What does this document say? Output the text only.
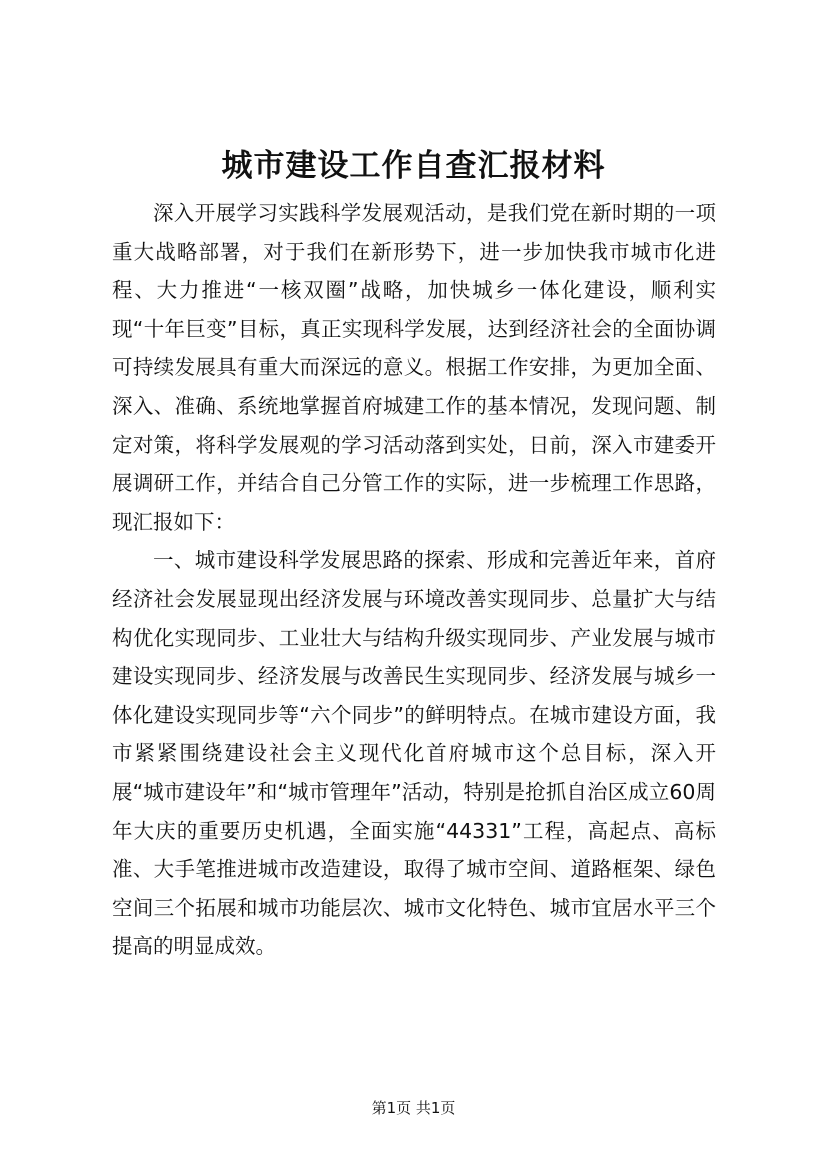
城市建设工作自查汇报材料

深入开展学习实践科学发展观活动，是我们党在新时期的一项重大战略部署，对于我们在新形势下，进一步加快我市城市化进程、大力推进“一核双圈”战略，加快城乡一体化建设，顺利实现“十年巨变”目标，真正实现科学发展，达到经济社会的全面协调可持续发展具有重大而深远的意义。根据工作安排，为更加全面、深入、准确、系统地掌握首府城建工作的基本情况，发现问题、制定对策，将科学发展观的学习活动落到实处，日前，深入市建委开展调研工作，并结合自己分管工作的实际，进一步梳理工作思路，现汇报如下：

一、城市建设科学发展思路的探索、形成和完善近年来，首府经济社会发展显现出经济发展与环境改善实现同步、总量扩大与结构优化实现同步、工业壮大与结构升级实现同步、产业发展与城市建设实现同步、经济发展与改善民生实现同步、经济发展与城乡一体化建设实现同步等“六个同步”的鲜明特点。在城市建设方面，我市紧紧围绕建设社会主义现代化首府城市这个总目标，深入开展“城市建设年”和“城市管理年”活动，特别是抢抓自治区成立60周年大庆的重要历史机遇，全面实施“44331”工程，高起点、高标准、大手笔推进城市改造建设，取得了城市空间、道路框架、绿色空间三个拓展和城市功能层次、城市文化特色、城市宜居水平三个提高的明显成效。

第1页 共1页
